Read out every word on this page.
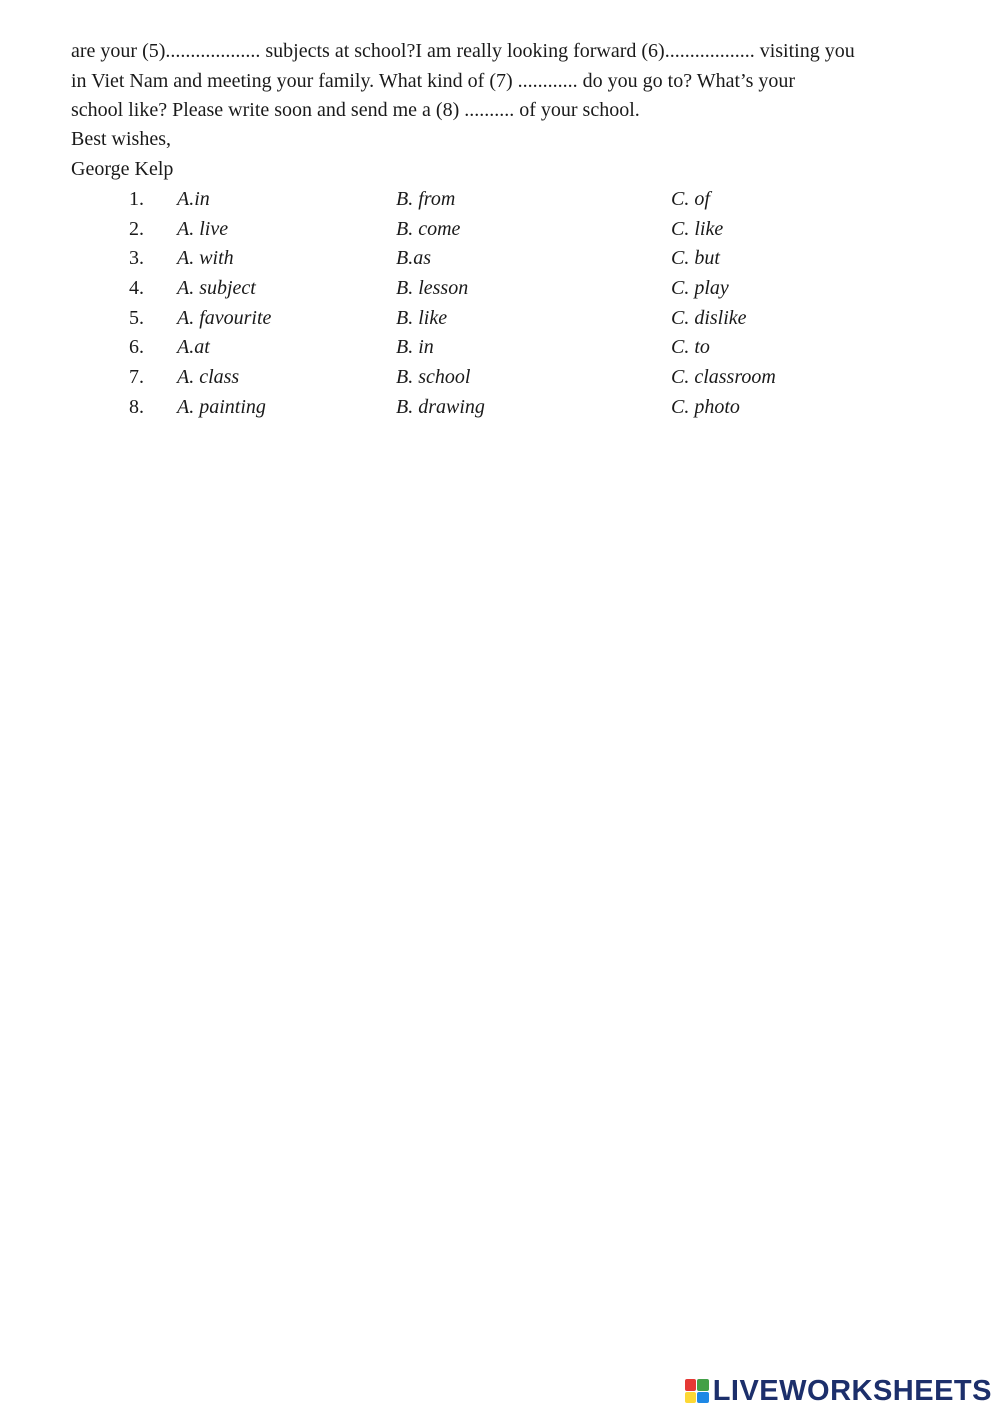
are your (5)................... subjects at school?I am really looking forward (6).................. visiting you
in Viet Nam and meeting your family. What kind of (7) ............ do you go to? What’s your
school like? Please write soon and send me a (8) .......... of your school.
Best wishes,
George Kelp
1. A.in	B. from	C. of
2. A. live	B. come	C. like
3. A. with	B.as	C. but
4. A. subject	B. lesson	C. play
5. A. favourite	B. like	C. dislike
6. A.at	B. in	C. to
7. A. class	B. school	C. classroom
8. A. painting	B. drawing	C. photo
LIVEWORKSHEETS
